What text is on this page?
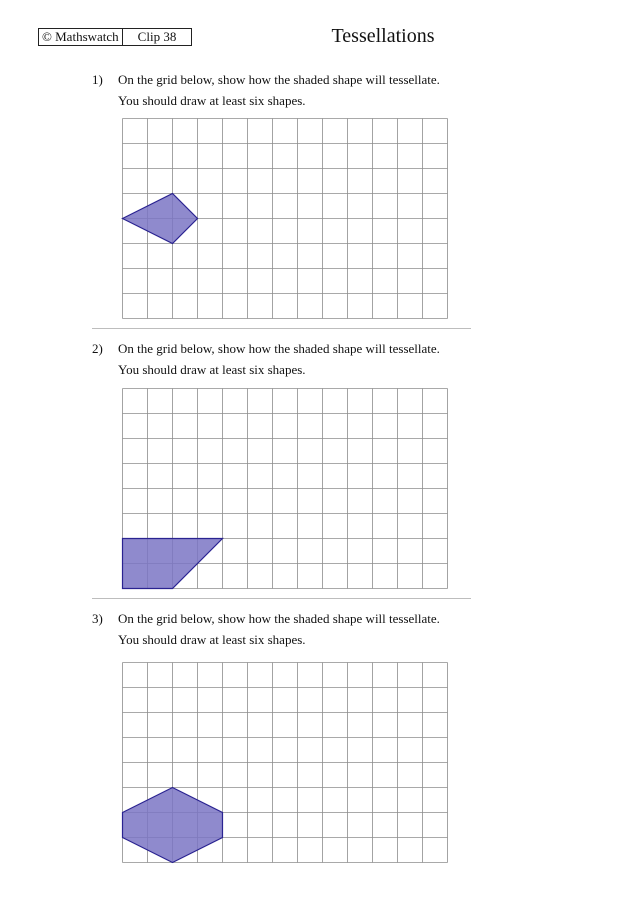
© Mathswatch	Clip 38	Tessellations
1) On the grid below, show how the shaded shape will tessellate.
You should draw at least six shapes.
2) On the grid below, show how the shaded shape will tessellate.
You should draw at least six shapes.
3) On the grid below, show how the shaded shape will tessellate.
You should draw at least six shapes.
